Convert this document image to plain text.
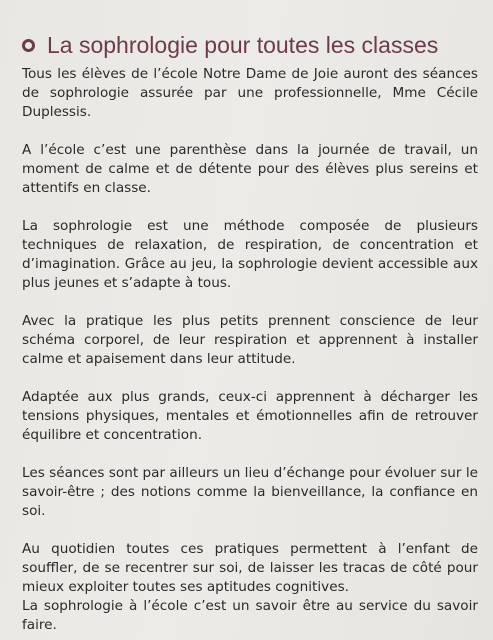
La sophrologie pour toutes les classes

Tous les élèves de l’école Notre Dame de Joie auront des séances de sophrologie assurée par une professionnelle, Mme Cécile Duplessis.

A l’école c’est une parenthèse dans la journée de travail, un moment de calme et de détente pour des élèves plus sereins et attentifs en classe.

La sophrologie est une méthode composée de plusieurs techniques de relaxation, de respiration, de concentration et d’imagination. Grâce au jeu, la sophrologie devient accessible aux plus jeunes et s’adapte à tous.

Avec la pratique les plus petits prennent conscience de leur schéma corporel, de leur respiration et apprennent à installer calme et apaisement dans leur attitude.

Adaptée aux plus grands, ceux-ci apprennent à décharger les tensions physiques, mentales et émotionnelles afin de retrouver équilibre et concentration.

Les séances sont par ailleurs un lieu d’échange pour évoluer sur le savoir-être ; des notions comme la bienveillance, la confiance en soi.

Au quotidien toutes ces pratiques permettent à l’enfant de souffler, de se recentrer sur soi, de laisser les tracas de côté pour mieux exploiter toutes ses aptitudes cognitives.

La sophrologie à l’école c’est un savoir être au service du savoir faire.
